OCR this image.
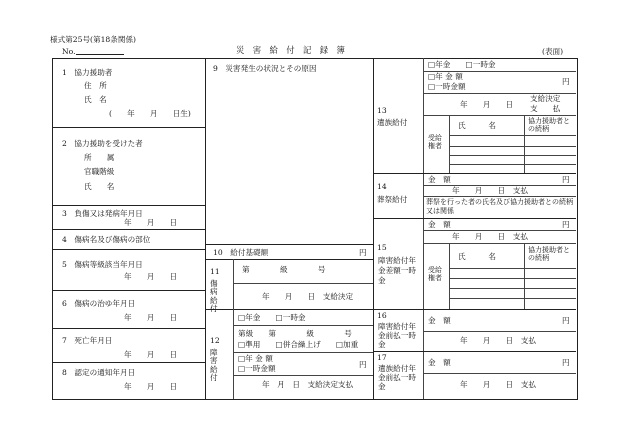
様式第25号(第18条関係)
No.	災　害　給　付　記　録　簿	(表面)
1　協力援助者
住　所
氏　名
(　　年　　月　　日生)
2　協力援助を受けた者
所　　属
官職階級
氏　　名
3　負傷又は発病年月日
年　　月　　日
4　傷病名及び傷病の部位
5　傷病等級該当年月日
年　　月　　日
6　傷病の治ゆ年月日
年　　月　　日
7　死亡年月日
年　　月　　日
8　認定の通知年月日
年　　月　　日
9　災害発生の状況とその原因
10　給付基礎額	円
11
傷
病
給
付
第　　　　級　　　　号
年　　月　　日　支給決定
12
障
害
給
付
□年金　　□一時金
第級　　第　　　　級　　　　号
□準用　　□併合繰上げ　　□加重
□年 金 額
□一時金額	円
年　月　日　支給決定支払
13
遺族給付
□年金　　□一時金
□年 金 額
□一時金額
円
年　　月　　日
支給決定
支　　払
受給権者
氏　　　名	協力援助者との続柄
14
葬祭給付
金　額	円
年　　月　　日　支払
葬祭を行った者の氏名及び協力援助者との続柄又は関係
15
障害給付年金差額一時金
金　額	円
年　　月　　日　支払
受給権者
氏　　　名
協力援助者との続柄
16
障害給付年金前払一時金
金　額	円
年　　月　　日　支払
17
遺族給付年金前払一時金
金　額	円
年　　月　　日　支払
